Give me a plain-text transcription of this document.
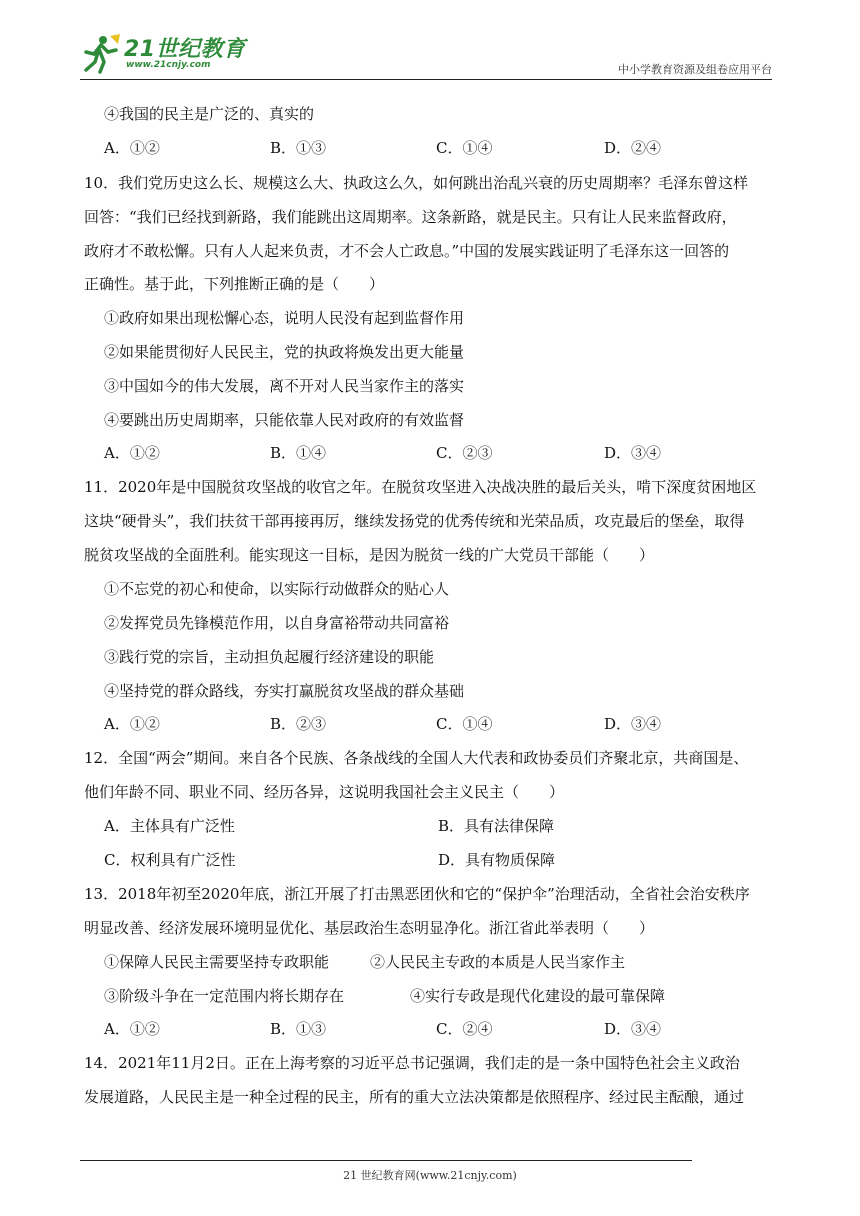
21世纪教育
www.21cnjy.com	中小学教育资源及组卷应用平台
④我国的民主是广泛的、真实的
A．①②	B．①③	C．①④	D．②④
10．我们党历史这么长、规模这么大、执政这么久，如何跳出治乱兴衰的历史周期率？毛泽东曾这样
回答：“我们已经找到新路，我们能跳出这周期率。这条新路，就是民主。只有让人民来监督政府，
政府才不敢松懈。只有人人起来负责，才不会人亡政息。”中国的发展实践证明了毛泽东这一回答的
正确性。基于此，下列推断正确的是（　　）
①政府如果出现松懈心态，说明人民没有起到监督作用
②如果能贯彻好人民民主，党的执政将焕发出更大能量
③中国如今的伟大发展，离不开对人民当家作主的落实
④要跳出历史周期率，只能依靠人民对政府的有效监督
A．①②	B．①④	C．②③	D．③④
11．2020年是中国脱贫攻坚战的收官之年。在脱贫攻坚进入决战决胜的最后关头，啃下深度贫困地区
这块“硬骨头”，我们扶贫干部再接再厉，继续发扬党的优秀传统和光荣品质，攻克最后的堡垒，取得
脱贫攻坚战的全面胜利。能实现这一目标，是因为脱贫一线的广大党员干部能（　　）
①不忘党的初心和使命，以实际行动做群众的贴心人
②发挥党员先锋模范作用，以自身富裕带动共同富裕
③践行党的宗旨，主动担负起履行经济建设的职能
④坚持党的群众路线，夯实打赢脱贫攻坚战的群众基础
A．①②	B．②③	C．①④	D．③④
12．全国“两会”期间。来自各个民族、各条战线的全国人大代表和政协委员们齐聚北京，共商国是、
他们年龄不同、职业不同、经历各异，这说明我国社会主义民主（　　）
A．主体具有广泛性	B．具有法律保障
C．权利具有广泛性	D．具有物质保障
13．2018年初至2020年底，浙江开展了打击黑恶团伙和它的“保护伞”治理活动，全省社会治安秩序
明显改善、经济发展环境明显优化、基层政治生态明显净化。浙江省此举表明（　　）
①保障人民民主需要坚持专政职能	②人民民主专政的本质是人民当家作主
③阶级斗争在一定范围内将长期存在	④实行专政是现代化建设的最可靠保障
A．①②	B．①③	C．②④	D．③④
14．2021年11月2日。正在上海考察的习近平总书记强调，我们走的是一条中国特色社会主义政治
发展道路，人民民主是一种全过程的民主，所有的重大立法决策都是依照程序、经过民主酝酿，通过
21 世纪教育网(www.21cnjy.com)
